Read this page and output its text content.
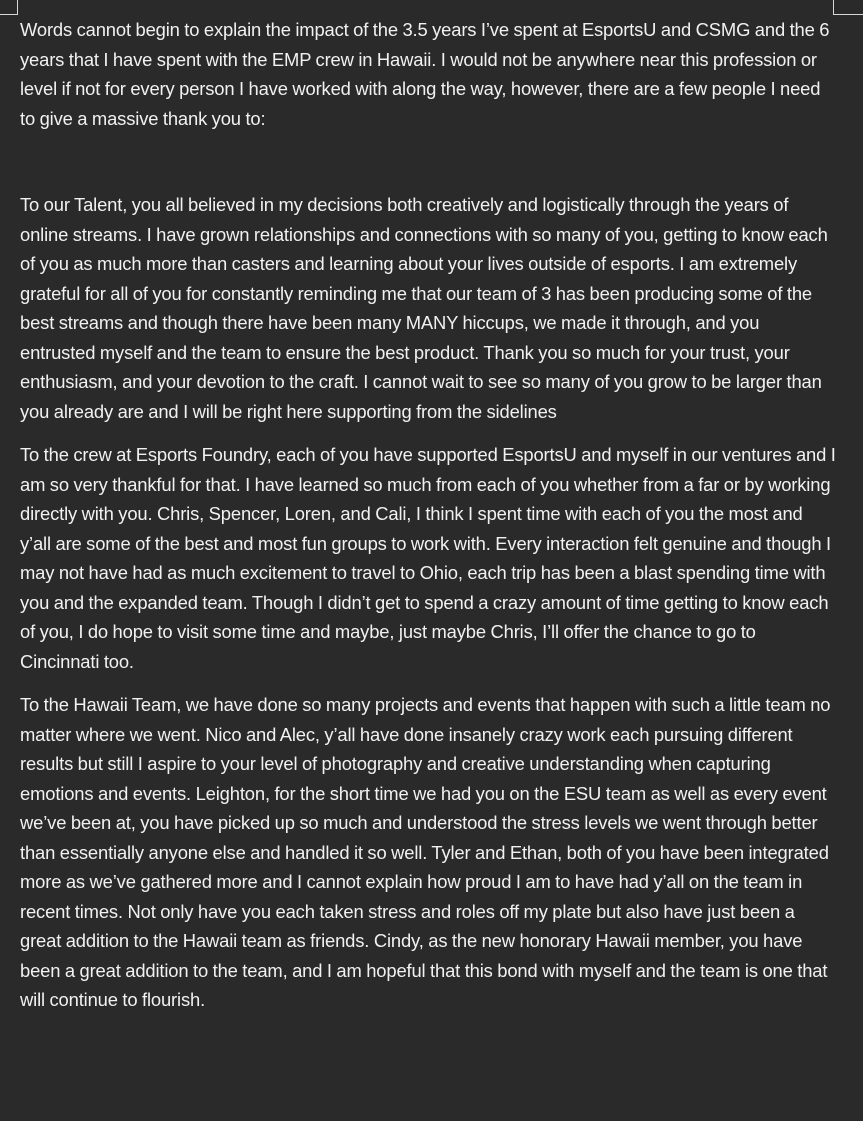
Words cannot begin to explain the impact of the 3.5 years I’ve spent at EsportsU and CSMG and the 6 years that I have spent with the EMP crew in Hawaii. I would not be anywhere near this profession or level if not for every person I have worked with along the way, however, there are a few people I need to give a massive thank you to:

To our Talent, you all believed in my decisions both creatively and logistically through the years of online streams. I have grown relationships and connections with so many of you, getting to know each of you as much more than casters and learning about your lives outside of esports. I am extremely grateful for all of you for constantly reminding me that our team of 3 has been producing some of the best streams and though there have been many MANY hiccups, we made it through, and you entrusted myself and the team to ensure the best product. Thank you so much for your trust, your enthusiasm, and your devotion to the craft. I cannot wait to see so many of you grow to be larger than you already are and I will be right here supporting from the sidelines

To the crew at Esports Foundry, each of you have supported EsportsU and myself in our ventures and I am so very thankful for that. I have learned so much from each of you whether from a far or by working directly with you. Chris, Spencer, Loren, and Cali, I think I spent time with each of you the most and y’all are some of the best and most fun groups to work with. Every interaction felt genuine and though I may not have had as much excitement to travel to Ohio, each trip has been a blast spending time with you and the expanded team. Though I didn’t get to spend a crazy amount of time getting to know each of you, I do hope to visit some time and maybe, just maybe Chris, I’ll offer the chance to go to Cincinnati too.

To the Hawaii Team, we have done so many projects and events that happen with such a little team no matter where we went. Nico and Alec, y’all have done insanely crazy work each pursuing different results but still I aspire to your level of photography and creative understanding when capturing emotions and events. Leighton, for the short time we had you on the ESU team as well as every event we’ve been at, you have picked up so much and understood the stress levels we went through better than essentially anyone else and handled it so well. Tyler and Ethan, both of you have been integrated more as we’ve gathered more and I cannot explain how proud I am to have had y’all on the team in recent times. Not only have you each taken stress and roles off my plate but also have just been a great addition to the Hawaii team as friends. Cindy, as the new honorary Hawaii member, you have been a great addition to the team, and I am hopeful that this bond with myself and the team is one that will continue to flourish.
